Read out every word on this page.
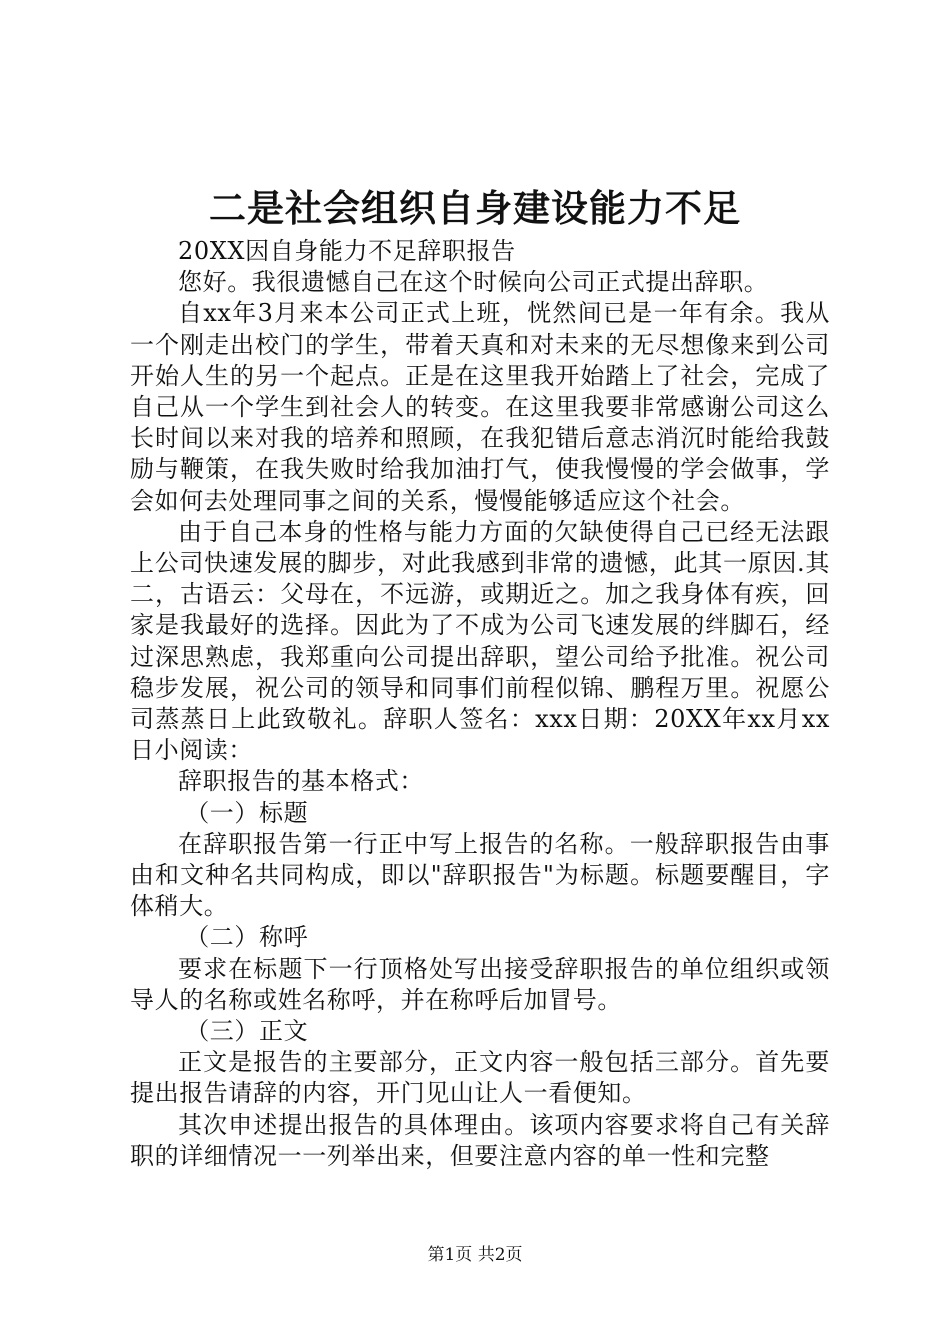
二是社会组织自身建设能力不足

20XX因自身能力不足辞职报告

您好。我很遗憾自己在这个时候向公司正式提出辞职。

自xx年3月来本公司正式上班，恍然间已是一年有余。我从一个刚走出校门的学生，带着天真和对未来的无尽想像来到公司开始人生的另一个起点。正是在这里我开始踏上了社会，完成了自己从一个学生到社会人的转变。在这里我要非常感谢公司这么长时间以来对我的培养和照顾，在我犯错后意志消沉时能给我鼓励与鞭策，在我失败时给我加油打气，使我慢慢的学会做事，学会如何去处理同事之间的关系，慢慢能够适应这个社会。

由于自己本身的性格与能力方面的欠缺使得自己已经无法跟上公司快速发展的脚步，对此我感到非常的遗憾，此其一原因.其二，古语云：父母在，不远游，或期近之。加之我身体有疾，回家是我最好的选择。因此为了不成为公司飞速发展的绊脚石，经过深思熟虑，我郑重向公司提出辞职，望公司给予批准。祝公司稳步发展，祝公司的领导和同事们前程似锦、鹏程万里。祝愿公司蒸蒸日上此致敬礼。辞职人签名：xxx日期：20XX年xx月xx日小阅读：

辞职报告的基本格式：

（一）标题

在辞职报告第一行正中写上报告的名称。一般辞职报告由事由和文种名共同构成，即以"辞职报告"为标题。标题要醒目，字体稍大。

（二）称呼

要求在标题下一行顶格处写出接受辞职报告的单位组织或领导人的名称或姓名称呼，并在称呼后加冒号。

（三）正文

正文是报告的主要部分，正文内容一般包括三部分。首先要提出报告请辞的内容，开门见山让人一看便知。

其次申述提出报告的具体理由。该项内容要求将自己有关辞职的详细情况一一列举出来，但要注意内容的单一性和完整

第1页 共2页
